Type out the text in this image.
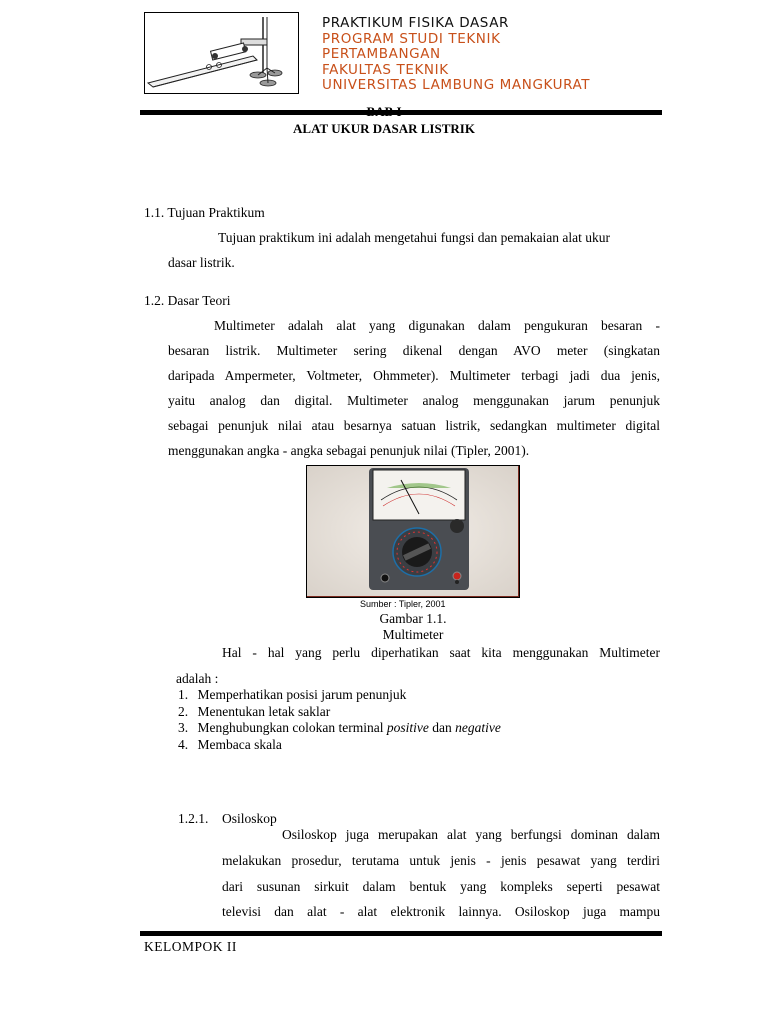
PRAKTIKUM FISIKA DASAR
PROGRAM STUDI TEKNIK
PERTAMBANGAN
FAKULTAS TEKNIK
UNIVERSITAS LAMBUNG MANGKURAT
BAB I
ALAT UKUR DASAR LISTRIK
1.1. Tujuan Praktikum
Tujuan praktikum ini adalah mengetahui fungsi dan pemakaian alat ukur
dasar listrik.
1.2. Dasar Teori
Multimeter adalah alat yang digunakan dalam pengukuran besaran -
besaran listrik. Multimeter sering dikenal dengan AVO meter (singkatan
daripada Ampermeter, Voltmeter, Ohmmeter). Multimeter terbagi jadi dua jenis,
yaitu analog dan digital. Multimeter analog menggunakan jarum penunjuk
sebagai penunjuk nilai atau besarnya satuan listrik, sedangkan multimeter digital
menggunakan angka - angka sebagai penunjuk nilai (Tipler, 2001).
Sumber : Tipler, 2001
Gambar 1.1.
Multimeter
Hal - hal yang perlu diperhatikan saat kita menggunakan Multimeter
adalah :
1. Memperhatikan posisi jarum penunjuk
2. Menentukan letak saklar
3. Menghubungkan colokan terminal positive dan negative
4. Membaca skala
1.2.1. Osiloskop
Osiloskop juga merupakan alat yang berfungsi dominan dalam
melakukan prosedur, terutama untuk jenis - jenis pesawat yang terdiri
dari susunan sirkuit dalam bentuk yang kompleks seperti pesawat
televisi dan alat - alat elektronik lainnya. Osiloskop juga mampu
KELOMPOK II
